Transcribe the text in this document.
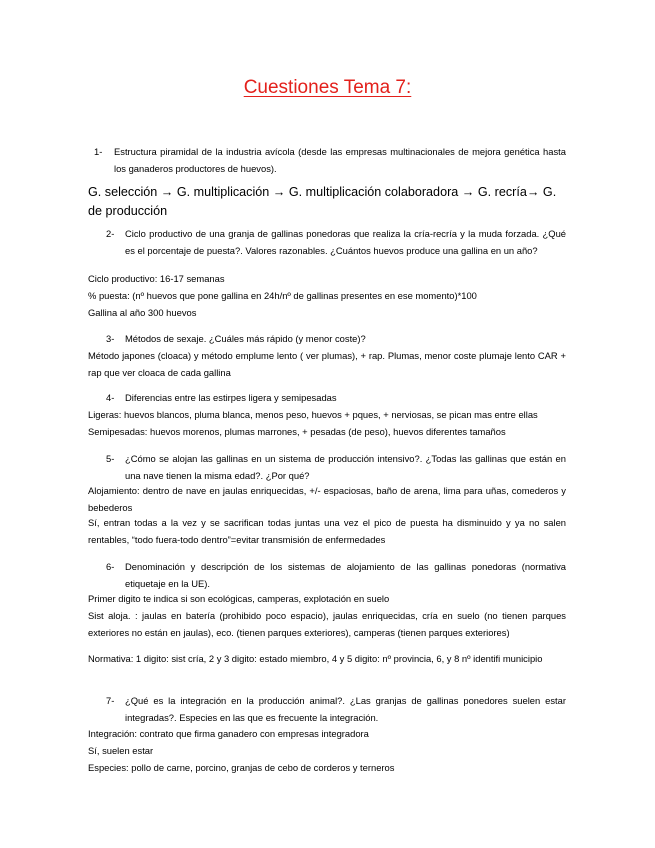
Cuestiones Tema 7:
1-	Estructura piramidal de la industria avícola (desde las empresas multinacionales de mejora genética hasta los ganaderos productores de huevos).
G. selección → G. multiplicación → G. multiplicación colaboradora → G. recría→ G. de producción
2-	Ciclo productivo de una granja de gallinas ponedoras que realiza la cría-recría y la muda forzada. ¿Qué es el porcentaje de puesta?. Valores razonables. ¿Cuántos huevos produce una gallina en un año?
Ciclo productivo: 16-17 semanas
% puesta: (nº huevos que pone gallina en 24h/nº de gallinas presentes en ese momento)*100
Gallina al año 300 huevos
3-	Métodos de sexaje. ¿Cuáles más rápido (y menor coste)?
Método japones (cloaca) y método emplume lento ( ver plumas), + rap. Plumas, menor coste plumaje lento CAR + rap que ver cloaca de cada gallina
4-	Diferencias entre las estirpes ligera y semipesadas
Ligeras: huevos blancos, pluma blanca, menos peso, huevos + pques, + nerviosas, se pican mas entre ellas
Semipesadas: huevos morenos, plumas marrones, + pesadas (de peso), huevos diferentes tamaños
5-	¿Cómo se alojan las gallinas en un sistema de producción intensivo?. ¿Todas las gallinas que están en una nave tienen la misma edad?. ¿Por qué?
Alojamiento: dentro de nave en jaulas enriquecidas, +/- espaciosas, baño de arena, lima para uñas, comederos y bebederos
Sí, entran todas a la vez y se sacrifican todas juntas una vez el pico de puesta ha disminuido y ya no salen rentables, “todo fuera-todo dentro”=evitar transmisión de enfermedades
6-	Denominación y descripción de los sistemas de alojamiento de las gallinas ponedoras (normativa etiquetaje en la UE).
Primer digito te indica si son ecológicas, camperas, explotación en suelo
Sist aloja. : jaulas en batería (prohibido poco espacio), jaulas enriquecidas, cría en suelo (no tienen parques exteriores no están en jaulas), eco. (tienen parques exteriores), camperas (tienen parques exteriores)
Normativa: 1 digito: sist cría, 2 y 3 digito: estado miembro, 4 y 5 digito: nº provincia, 6, y 8 nº identifi municipio
7-	¿Qué es la integración en la producción animal?. ¿Las granjas de gallinas ponedores suelen estar integradas?. Especies en las que es frecuente la integración.
Integración: contrato que firma ganadero con empresas integradora
Sí, suelen estar
Especies: pollo de carne, porcino, granjas de cebo de corderos y terneros
